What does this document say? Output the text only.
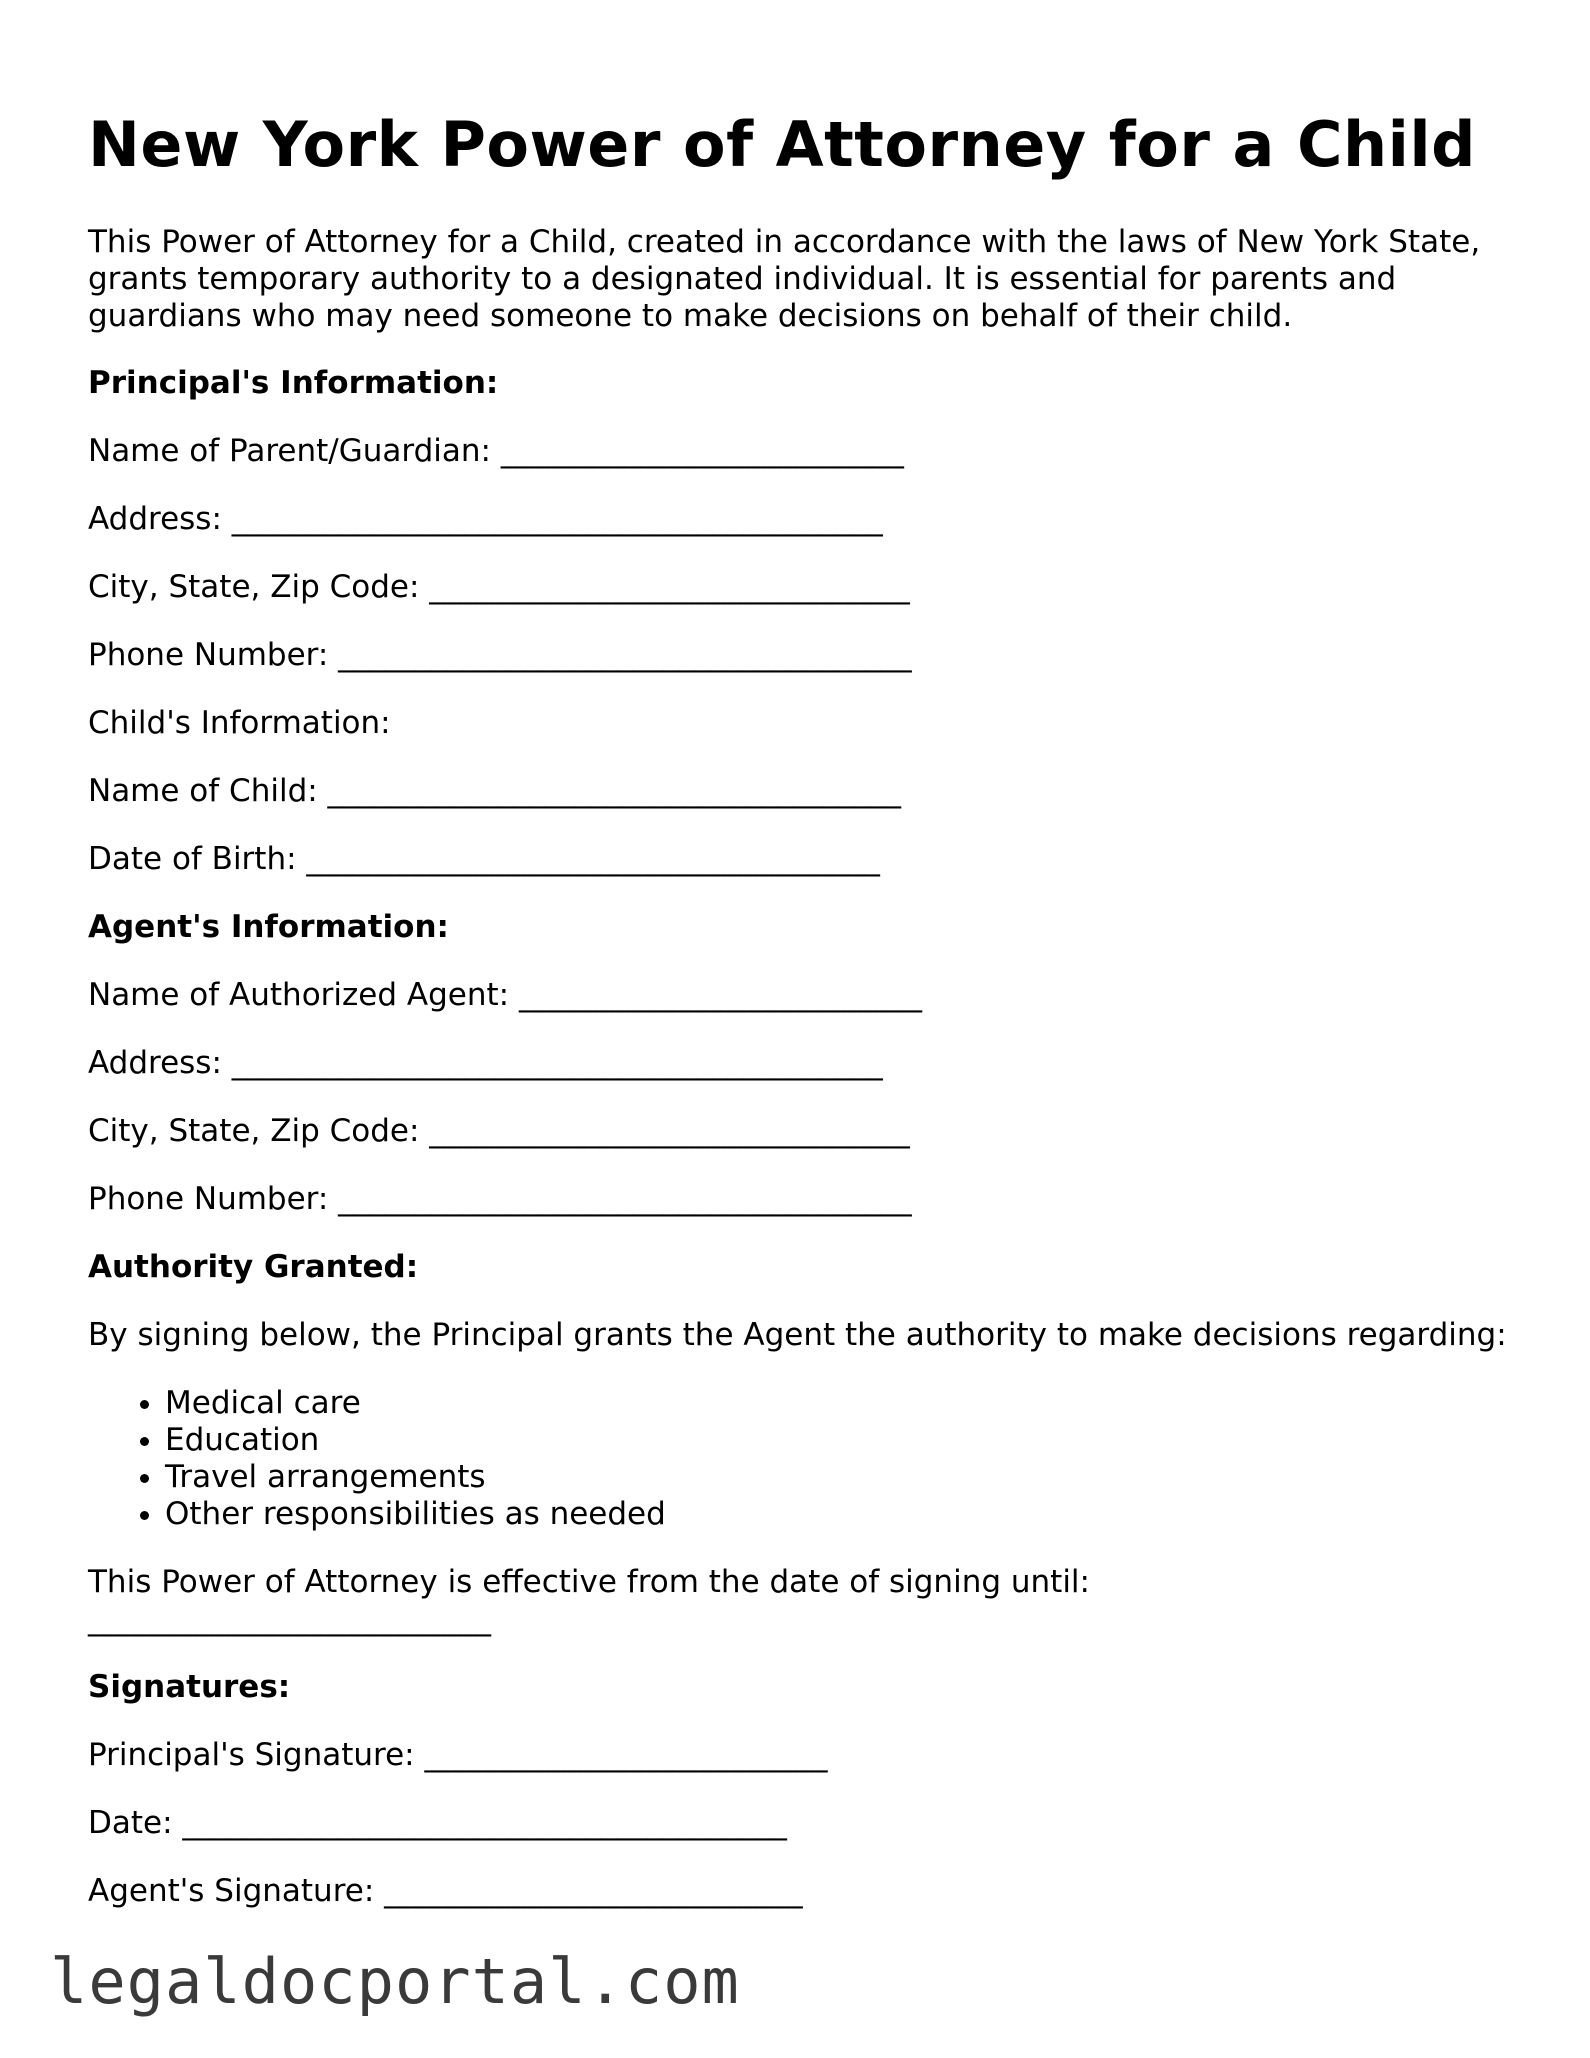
New York Power of Attorney for a Child

This Power of Attorney for a Child, created in accordance with the laws of New York State, grants temporary authority to a designated individual. It is essential for parents and guardians who may need someone to make decisions on behalf of their child.

Principal's Information:

Name of Parent/Guardian: __________________________

Address: __________________________________________

City, State, Zip Code: _______________________________

Phone Number: _____________________________________

Child's Information:

Name of Child: _____________________________________

Date of Birth: _____________________________________

Agent's Information:

Name of Authorized Agent: __________________________

Address: __________________________________________

City, State, Zip Code: _______________________________

Phone Number: _____________________________________

Authority Granted:

By signing below, the Principal grants the Agent the authority to make decisions regarding:

• Medical care
• Education
• Travel arrangements
• Other responsibilities as needed

This Power of Attorney is effective from the date of signing until:

__________________________

Signatures:

Principal's Signature: __________________________

Date: _______________________________________

Agent's Signature: ___________________________

legaldocportal.com
